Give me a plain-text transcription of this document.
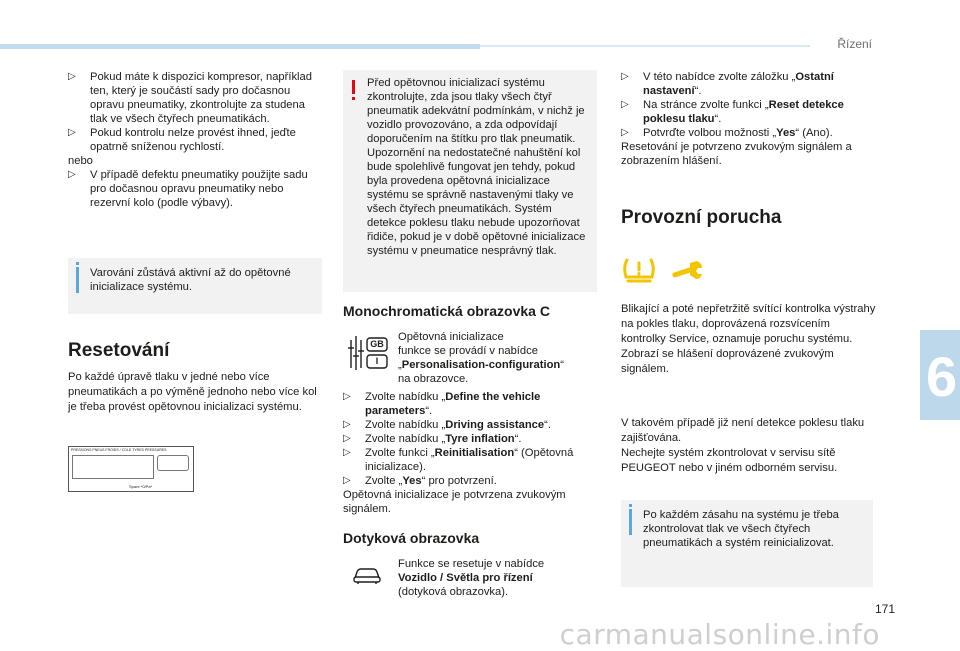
Řízení
6
171
carmanualsonline.info

▷ Pokud máte k dispozici kompresor, například ten, který je součástí sady pro dočasnou opravu pneumatiky, zkontrolujte za studena tlak ve všech čtyřech pneumatikách.

▷ Pokud kontrolu nelze provést ihned, jeďte opatrně sníženou rychlostí.

nebo

▷ V případě defektu pneumatiky použijte sadu pro dočasnou opravu pneumatiky nebo rezervní kolo (podle výbavy).

Varování zůstává aktivní až do opětovné inicializace systému.
Resetování

Po každé úpravě tlaku v jedné nebo více pneumatikách a po výměně jednoho nebo více kol je třeba provést opětovnou inicializaci systému.

PRESSIONS PNEUS FROIDS / COLD TYRES PRESSURES
Spare *0/Pa*
Před opětovnou inicializací systému zkontrolujte, zda jsou tlaky všech čtyř pneumatik adekvátní podmínkám, v nichž je vozidlo provozováno, a zda odpovídají doporučením na štítku pro tlak pneumatik. Upozornění na nedostatečné nahuštění kol bude spolehlivě fungovat jen tehdy, pokud byla provedena opětovná inicializace systému se správně nastavenými tlaky ve všech čtyřech pneumatikách. Systém detekce poklesu tlaku nebude upozorňovat řidiče, pokud je v době opětovné inicializace systému v pneumatice nesprávný tlak.
Monochromatická obrazovka C
GB
I

Opětovná inicializace

funkce se provádí v nabídce

„Personalisation-configuration“

na obrazovce.

▷ Zvolte nabídku „Define the vehicle parameters“.

▷ Zvolte nabídku „Driving assistance“.

▷ Zvolte nabídku „Tyre inflation“.

▷ Zvolte funkci „Reinitialisation“ (Opětovná inicializace).

▷ Zvolte „Yes“ pro potvrzení.

Opětovná inicializace je potvrzena zvukovým signálem.

Dotyková obrazovka

Funkce se resetuje v nabídce

Vozidlo / Světla pro řízení

(dotyková obrazovka).

▷ V této nabídce zvolte záložku „Ostatní nastavení“.

▷ Na stránce zvolte funkci „Reset detekce poklesu tlaku“.

▷ Potvrďte volbou možnosti „Yes“ (Ano).

Resetování je potvrzeno zvukovým signálem a zobrazením hlášení.

Provozní porucha

Blikající a poté nepřetržitě svítící kontrolka výstrahy na pokles tlaku, doprovázená rozsvícením kontrolky Service, oznamuje poruchu systému.

Zobrazí se hlášení doprovázené zvukovým signálem.

V takovém případě již není detekce poklesu tlaku zajišťována.

Nechejte systém zkontrolovat v servisu sítě PEUGEOT nebo v jiném odborném servisu.

Po každém zásahu na systému je třeba zkontrolovat tlak ve všech čtyřech pneumatikách a systém reinicializovat.
